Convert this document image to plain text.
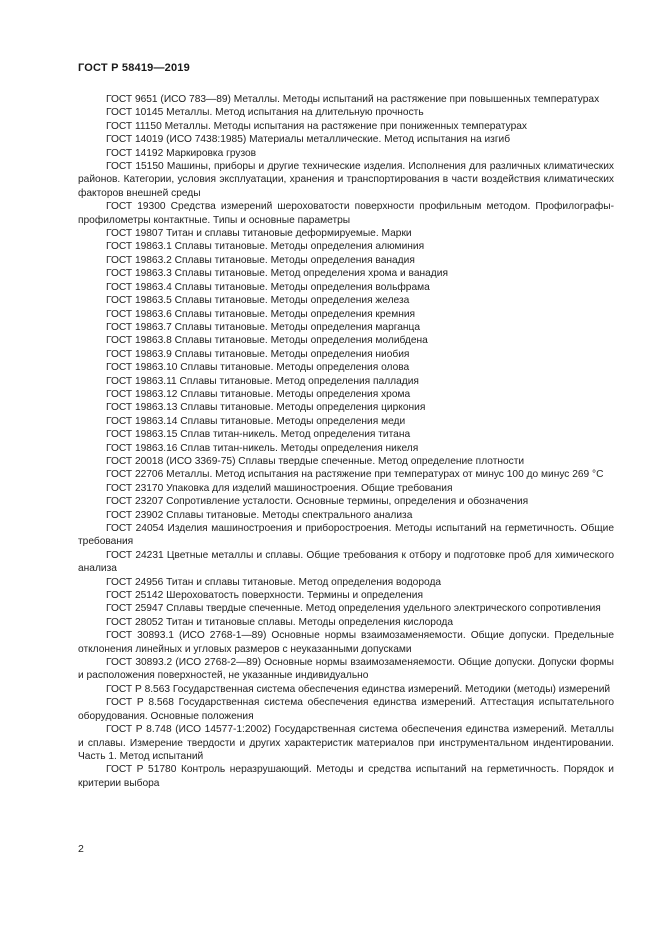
ГОСТ Р 58419—2019

ГОСТ 9651 (ИСО 783—89) Металлы. Методы испытаний на растяжение при повышенных температурах

ГОСТ 10145 Металлы. Метод испытания на длительную прочность

ГОСТ 11150 Металлы. Методы испытания на растяжение при пониженных температурах

ГОСТ 14019 (ИСО 7438:1985) Материалы металлические. Метод испытания на изгиб

ГОСТ 14192 Маркировка грузов

ГОСТ 15150 Машины, приборы и другие технические изделия. Исполнения для различных климатических районов. Категории, условия эксплуатации, хранения и транспортирования в части воздействия климатических факторов внешней среды

ГОСТ 19300 Средства измерений шероховатости поверхности профильным методом. Профилографы-профилометры контактные. Типы и основные параметры

ГОСТ 19807 Титан и сплавы титановые деформируемые. Марки

ГОСТ 19863.1 Сплавы титановые. Методы определения алюминия

ГОСТ 19863.2 Сплавы титановые. Методы определения ванадия

ГОСТ 19863.3 Сплавы титановые. Метод определения хрома и ванадия

ГОСТ 19863.4 Сплавы титановые. Методы определения вольфрама

ГОСТ 19863.5 Сплавы титановые. Методы определения железа

ГОСТ 19863.6 Сплавы титановые. Методы определения кремния

ГОСТ 19863.7 Сплавы титановые. Методы определения марганца

ГОСТ 19863.8 Сплавы титановые. Методы определения молибдена

ГОСТ 19863.9 Сплавы титановые. Методы определения ниобия

ГОСТ 19863.10 Сплавы титановые. Методы определения олова

ГОСТ 19863.11 Сплавы титановые. Метод определения палладия

ГОСТ 19863.12 Сплавы титановые. Методы определения хрома

ГОСТ 19863.13 Сплавы титановые. Методы определения циркония

ГОСТ 19863.14 Сплавы титановые. Методы определения меди

ГОСТ 19863.15 Сплав титан-никель. Метод определения титана

ГОСТ 19863.16 Сплав титан-никель. Методы определения никеля

ГОСТ 20018 (ИСО 3369-75) Сплавы твердые спеченные. Метод определение плотности

ГОСТ 22706 Металлы. Метод испытания на растяжение при температурах от минус 100 до минус 269 °С

ГОСТ 23170 Упаковка для изделий машиностроения. Общие требования

ГОСТ 23207 Сопротивление усталости. Основные термины, определения и обозначения

ГОСТ 23902 Сплавы титановые. Методы спектрального анализа

ГОСТ 24054 Изделия машиностроения и приборостроения. Методы испытаний на герметичность. Общие требования

ГОСТ 24231 Цветные металлы и сплавы. Общие требования к отбору и подготовке проб для химического анализа

ГОСТ 24956 Титан и сплавы титановые. Метод определения водорода

ГОСТ 25142 Шероховатость поверхности. Термины и определения

ГОСТ 25947 Сплавы твердые спеченные. Метод определения удельного электрического сопротивления

ГОСТ 28052 Титан и титановые сплавы. Методы определения кислорода

ГОСТ 30893.1 (ИСО 2768-1—89) Основные нормы взаимозаменяемости. Общие допуски. Предельные отклонения линейных и угловых размеров с неуказанными допусками

ГОСТ 30893.2 (ИСО 2768-2—89) Основные нормы взаимозаменяемости. Общие допуски. Допуски формы и расположения поверхностей, не указанные индивидуально

ГОСТ Р 8.563 Государственная система обеспечения единства измерений. Методики (методы) измерений

ГОСТ Р 8.568 Государственная система обеспечения единства измерений. Аттестация испытательного оборудования. Основные положения

ГОСТ Р 8.748 (ИСО 14577-1:2002) Государственная система обеспечения единства измерений. Металлы и сплавы. Измерение твердости и других характеристик материалов при инструментальном индентировании. Часть 1. Метод испытаний

ГОСТ Р 51780 Контроль неразрушающий. Методы и средства испытаний на герметичность. Порядок и критерии выбора

2
